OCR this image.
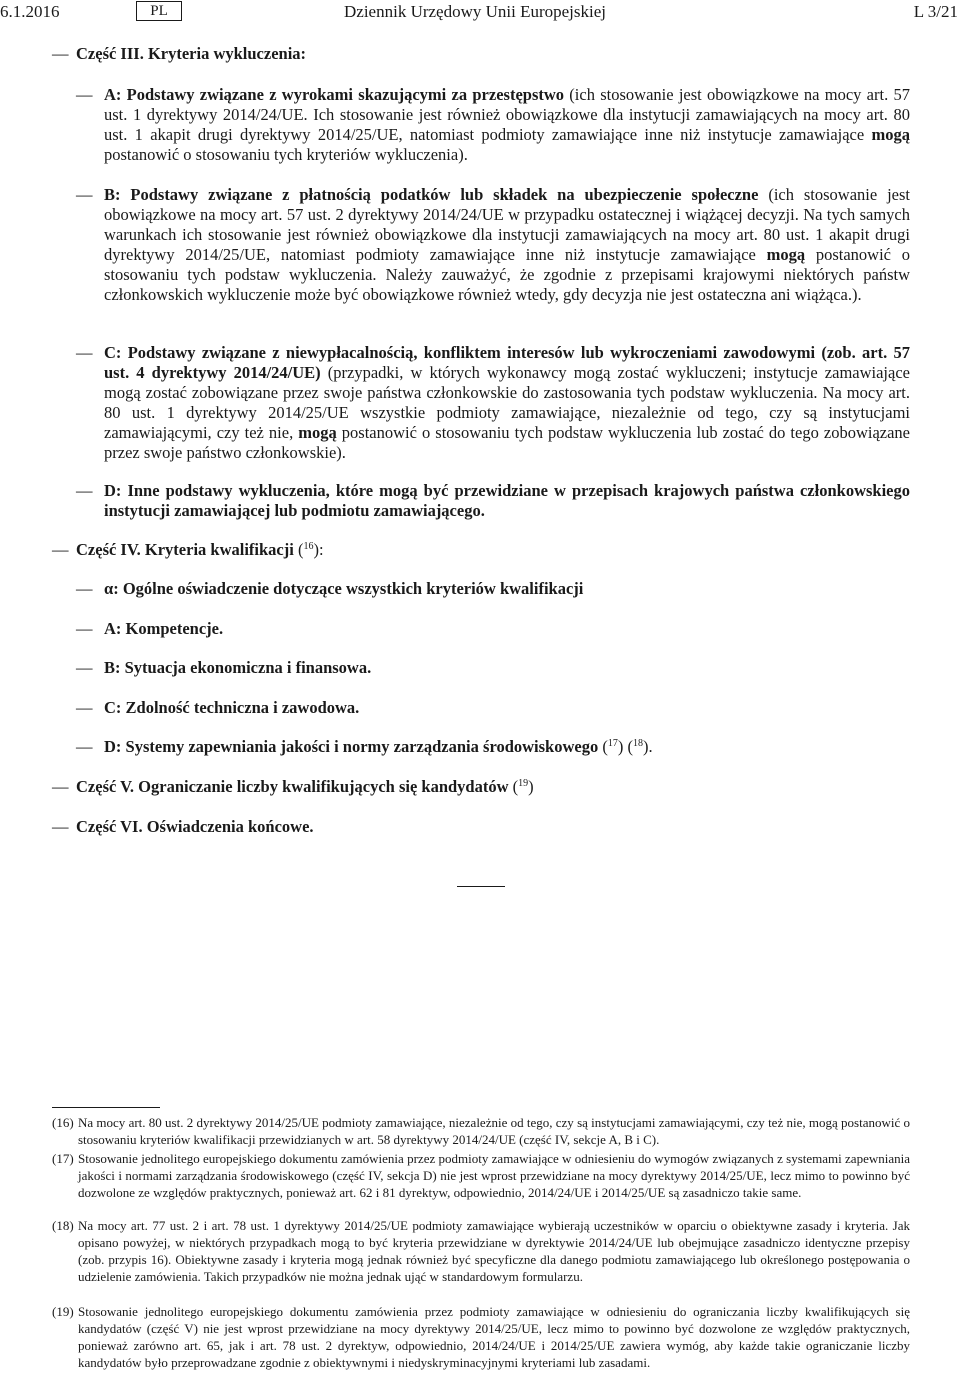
6.1.2016	PL	Dziennik Urzędowy Unii Europejskiej	L 3/21
— Część III. Kryteria wykluczenia:
— A: Podstawy związane z wyrokami skazującymi za przestępstwo (ich stosowanie jest obowiązkowe na mocy art. 57 ust. 1 dyrektywy 2014/24/UE. Ich stosowanie jest również obowiązkowe dla instytucji zamawiających na mocy art. 80 ust. 1 akapit drugi dyrektywy 2014/25/UE, natomiast podmioty zamawiające inne niż instytucje zamawiające mogą postanowić o stosowaniu tych kryteriów wykluczenia).
— B: Podstawy związane z płatnością podatków lub składek na ubezpieczenie społeczne (ich stosowanie jest obowiązkowe na mocy art. 57 ust. 2 dyrektywy 2014/24/UE w przypadku ostatecznej i wiążącej decyzji. Na tych samych warunkach ich stosowanie jest również obowiązkowe dla instytucji zamawiających na mocy art. 80 ust. 1 akapit drugi dyrektywy 2014/25/UE, natomiast podmioty zamawiające inne niż instytucje zamawiające mogą postanowić o stosowaniu tych podstaw wykluczenia. Należy zauważyć, że zgodnie z przepisami krajowymi niektórych państw członkowskich wykluczenie może być obowiązkowe również wtedy, gdy decyzja nie jest ostateczna ani wiążąca.).
— C: Podstawy związane z niewypłacalnością, konfliktem interesów lub wykroczeniami zawodowymi (zob. art. 57 ust. 4 dyrektywy 2014/24/UE) (przypadki, w których wykonawcy mogą zostać wykluczeni; instytucje zamawiające mogą zostać zobowiązane przez swoje państwa członkowskie do zastosowania tych podstaw wykluczenia. Na mocy art. 80 ust. 1 dyrektywy 2014/25/UE wszystkie podmioty zamawiające, niezależnie od tego, czy są instytucjami zamawiającymi, czy też nie, mogą postanowić o stosowaniu tych podstaw wykluczenia lub zostać do tego zobowiązane przez swoje państwo członkowskie).
— D: Inne podstawy wykluczenia, które mogą być przewidziane w przepisach krajowych państwa członkowskiego instytucji zamawiającej lub podmiotu zamawiającego.
— Część IV. Kryteria kwalifikacji ($^{16}$):
— α: Ogólne oświadczenie dotyczące wszystkich kryteriów kwalifikacji
— A: Kompetencje.
— B: Sytuacja ekonomiczna i finansowa.
— C: Zdolność techniczna i zawodowa.
— D: Systemy zapewniania jakości i normy zarządzania środowiskowego ($^{17}$) ($^{18}$).
— Część V. Ograniczanie liczby kwalifikujących się kandydatów ($^{19}$)
— Część VI. Oświadczenia końcowe.
(16) Na mocy art. 80 ust. 2 dyrektywy 2014/25/UE podmioty zamawiające, niezależnie od tego, czy są instytucjami zamawiającymi, czy też nie, mogą postanowić o stosowaniu kryteriów kwalifikacji przewidzianych w art. 58 dyrektywy 2014/24/UE (część IV, sekcje A, B i C).
(17) Stosowanie jednolitego europejskiego dokumentu zamówienia przez podmioty zamawiające w odniesieniu do wymogów związanych z systemami zapewniania jakości i normami zarządzania środowiskowego (część IV, sekcja D) nie jest wprost przewidziane na mocy dyrektywy 2014/25/UE, lecz mimo to powinno być dozwolone ze względów praktycznych, ponieważ art. 62 i 81 dyrektyw, odpowiednio, 2014/24/UE i 2014/25/UE są zasadniczo takie same.
(18) Na mocy art. 77 ust. 2 i art. 78 ust. 1 dyrektywy 2014/25/UE podmioty zamawiające wybierają uczestników w oparciu o obiektywne zasady i kryteria. Jak opisano powyżej, w niektórych przypadkach mogą to być kryteria przewidziane w dyrektywie 2014/24/UE lub obejmujące zasadniczo identyczne przepisy (zob. przypis 16). Obiektywne zasady i kryteria mogą jednak również być specyficzne dla danego podmiotu zamawiającego lub określonego postępowania o udzielenie zamówienia. Takich przypadków nie można jednak ująć w standardowym formularzu.
(19) Stosowanie jednolitego europejskiego dokumentu zamówienia przez podmioty zamawiające w odniesieniu do ograniczania liczby kwalifikujących się kandydatów (część V) nie jest wprost przewidziane na mocy dyrektywy 2014/25/UE, lecz mimo to powinno być dozwolone ze względów praktycznych, ponieważ zarówno art. 65, jak i art. 78 ust. 2 dyrektyw, odpowiednio, 2014/24/UE i 2014/25/UE zawiera wymóg, aby każde takie ograniczanie liczby kandydatów było przeprowadzane zgodnie z obiektywnymi i niedyskryminacyjnymi kryteriami lub zasadami.
